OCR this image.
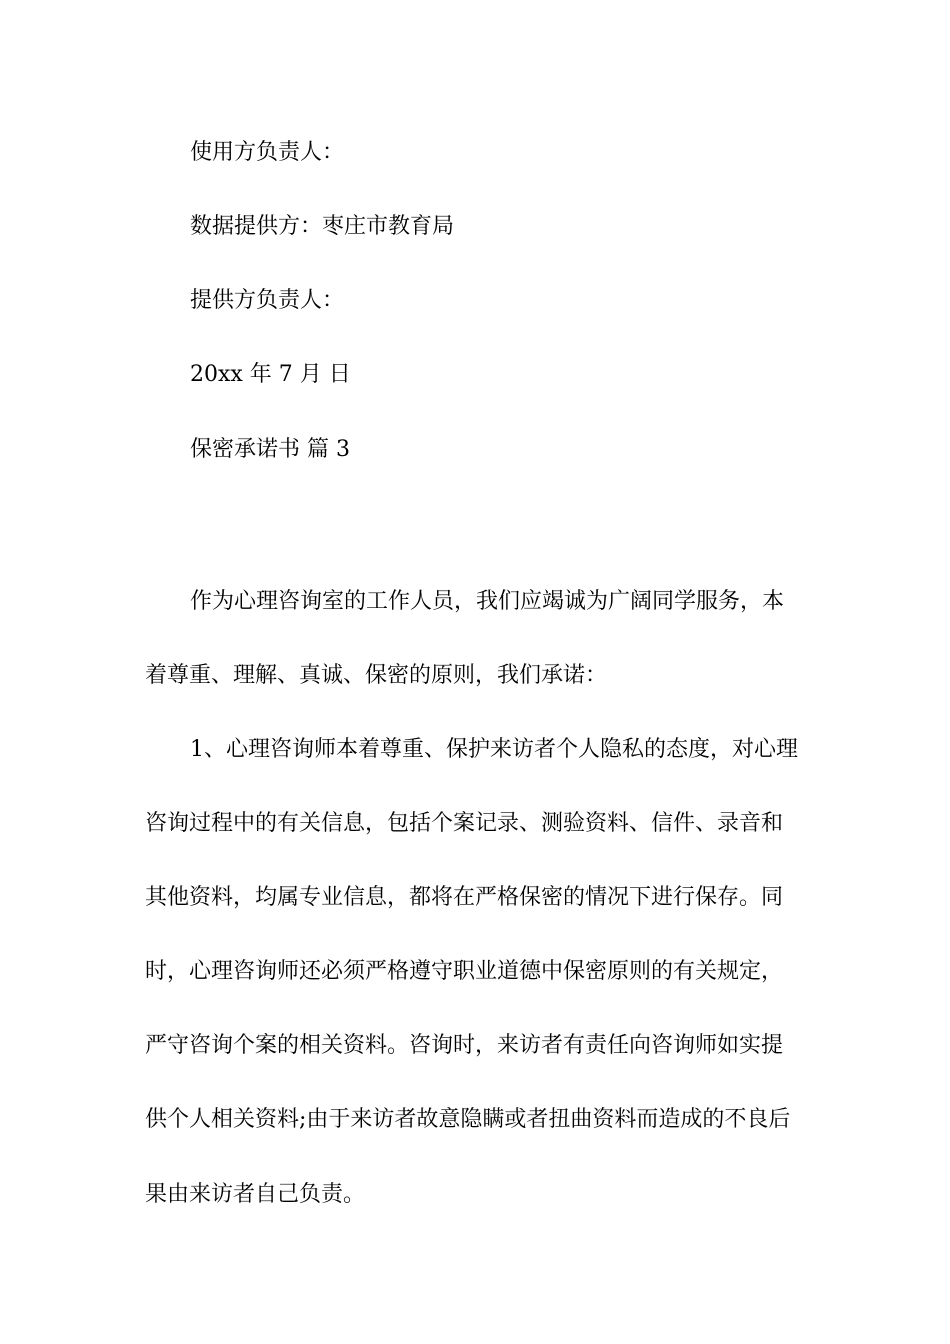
使用方负责人：

数据提供方：枣庄市教育局

提供方负责人：

20xx 年 7 月 日

保密承诺书 篇 3

作为心理咨询室的工作人员，我们应竭诚为广阔同学服务，本

着尊重、理解、真诚、保密的原则，我们承诺：

1、心理咨询师本着尊重、保护来访者个人隐私的态度，对心理

咨询过程中的有关信息，包括个案记录、测验资料、信件、录音和

其他资料，均属专业信息，都将在严格保密的情况下进行保存。同

时，心理咨询师还必须严格遵守职业道德中保密原则的有关规定，

严守咨询个案的相关资料。咨询时，来访者有责任向咨询师如实提

供个人相关资料;由于来访者故意隐瞒或者扭曲资料而造成的不良后

果由来访者自己负责。
